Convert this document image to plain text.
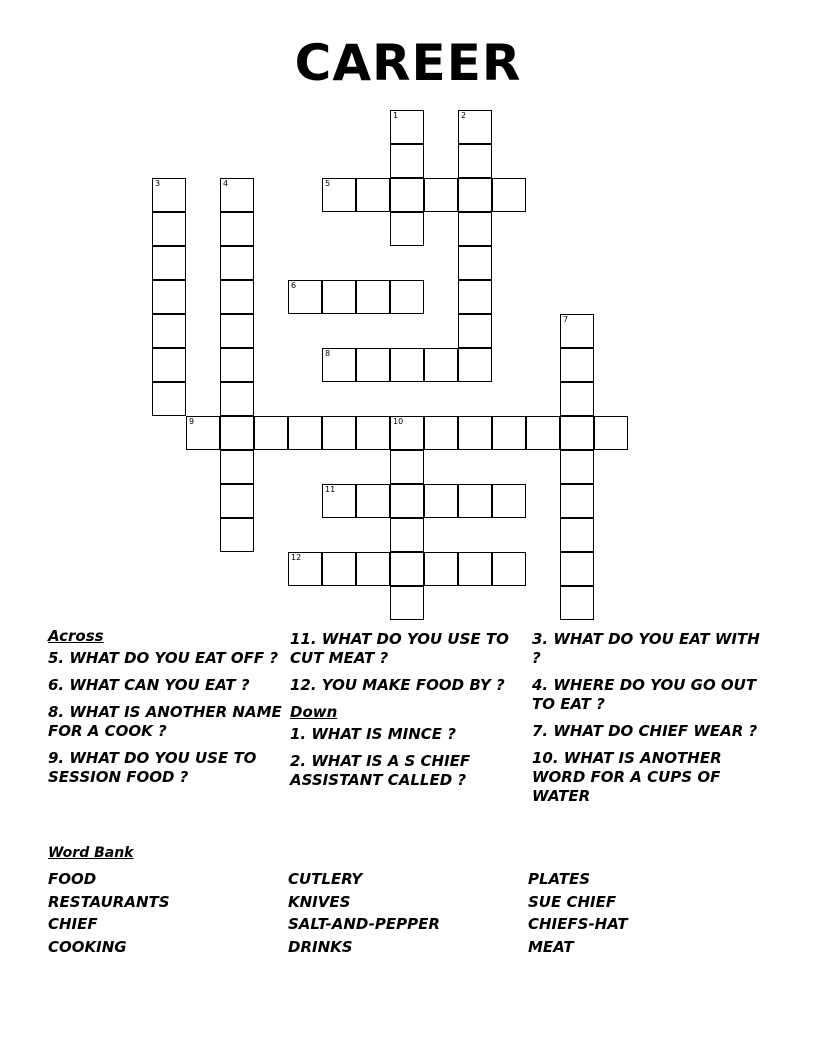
CAREER
1	2
3	4	5
6
7
8
9	10
11
12
Across
5. WHAT DO YOU EAT OFF ?
6. WHAT CAN YOU EAT ?
8. WHAT IS ANOTHER NAME FOR A COOK ?
9. WHAT DO YOU USE TO SESSION FOOD ?
11. WHAT DO YOU USE TO CUT MEAT ?
12. YOU MAKE FOOD BY ?
Down
1. WHAT IS MINCE ?
2. WHAT IS A S CHIEF ASSISTANT CALLED ?
3. WHAT DO YOU EAT WITH ?
4. WHERE DO YOU GO OUT TO EAT ?
7. WHAT DO CHIEF WEAR ?
10. WHAT IS ANOTHER WORD FOR A CUPS OF WATER
Word Bank
FOOD
RESTAURANTS
CHIEF
COOKING
CUTLERY
KNIVES
SALT-AND-PEPPER
DRINKS
PLATES
SUE CHIEF
CHIEFS-HAT
MEAT
